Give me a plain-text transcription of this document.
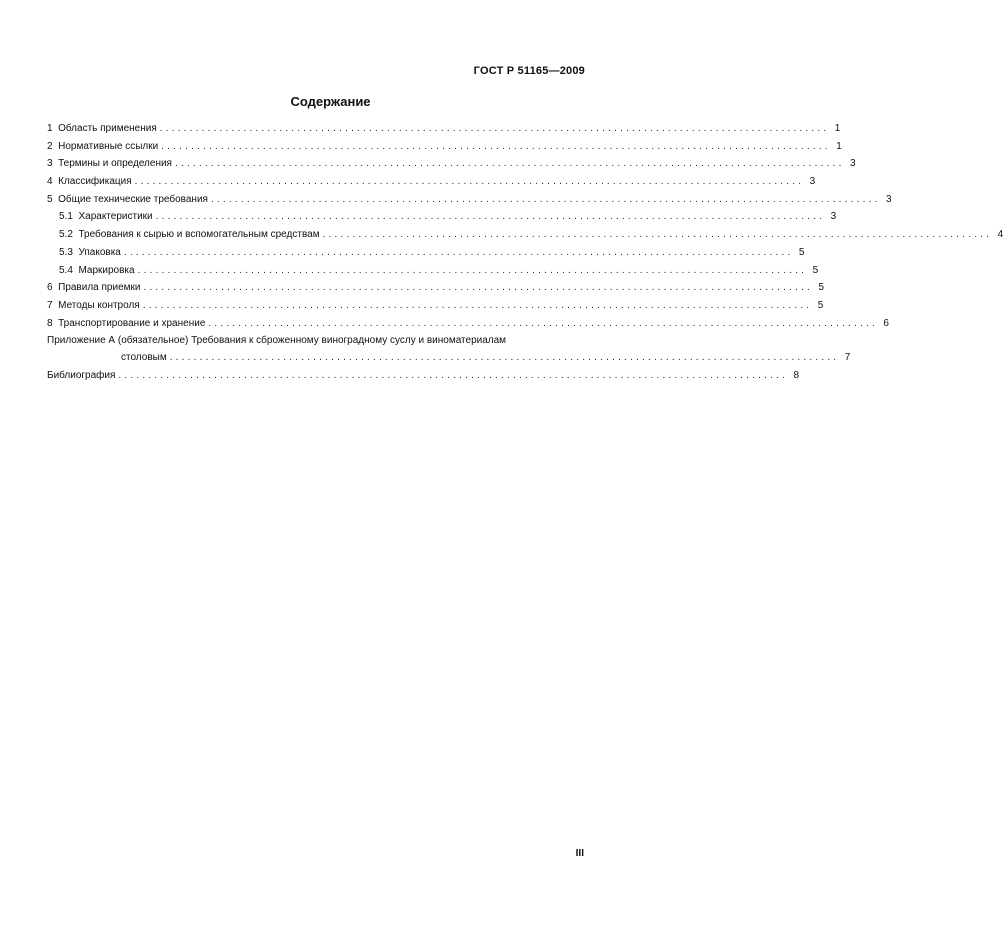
ГОСТ Р 51165—2009
Содержание
1
Область применения ................................................................................................................ 1
2
Нормативные ссылки ................................................................................................................ 1
3
Термины и определения ................................................................................................................ 3
4
Классификация ................................................................................................................ 3
5
Общие технические требования ................................................................................................................ 3
5.1
Характеристики ................................................................................................................ 3
5.2
Требования к сырью и вспомогательным средствам ................................................................................................................ 4
5.3
Упаковка ................................................................................................................ 5
5.4
Маркировка ................................................................................................................ 5
6
Правила приемки ................................................................................................................ 5
7
Методы контроля ................................................................................................................ 5
8
Транспортирование и хранение ................................................................................................................ 6
Приложение А (обязательное) Требования к сброженному виноградному суслу и виноматериалам
столовым ................................................................................................................ 7
Библиография ................................................................................................................ 8
III
